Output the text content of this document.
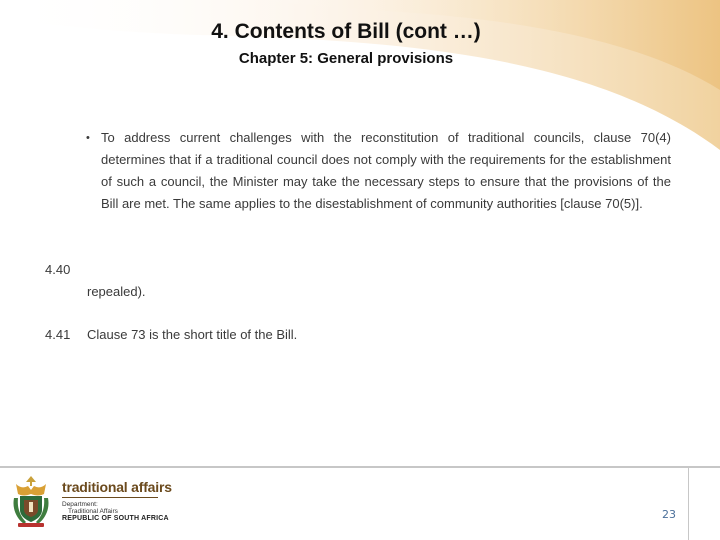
4. Contents of Bill (cont …)
Chapter 5: General provisions
• To address current challenges with the reconstitution of traditional councils, clause 70(4) determines that if a traditional council does not comply with the requirements for the establishment of such a council, the Minister may take the necessary steps to ensure that the provisions of the Bill are met. The same applies to the disestablishment of community authorities [clause 70(5)].
4.40
repealed).
4.41 Clause 73 is the short title of the Bill.
traditional affairs
Department:
Traditional Affairs
REPUBLIC OF SOUTH AFRICA	23
